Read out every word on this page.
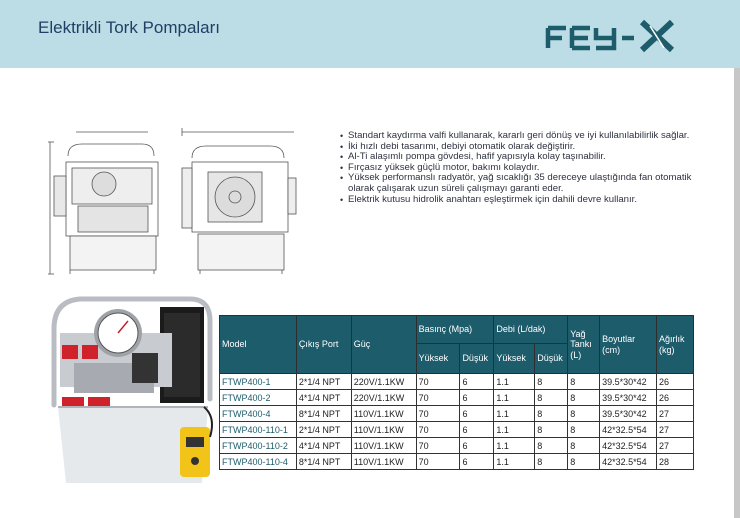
Elektrikli Tork Pompaları
• Standart kaydırma valfi kullanarak, kararlı geri dönüş ve iyi kullanılabilirlik sağlar.
• İki hızlı debi tasarımı, debiyi otomatik olarak değiştirir.
• Al-Ti alaşımlı pompa gövdesi, hafif yapısıyla kolay taşınabilir.
• Fırçasız yüksek güçlü motor, bakımı kolaydır.
• Yüksek performanslı radyatör, yağ sıcaklığı 35 dereceye ulaştığında fan otomatik olarak çalışarak uzun süreli çalışmayı garanti eder.
• Elektrik kutusu hidrolik anahtarı eşleştirmek için dahili devre kullanır.
Model	Çıkış Port	Güç	Basınç (Mpa)		Debi (L/dak)		Yağ Tankı (L)	Boyutlar (cm)	Ağırlık (kg)
			Yüksek	Düşük	Yüksek	Düşük			
FTWP400-1	2*1/4 NPT	220V/1.1KW	70	6	1.1	8	8	39.5*30*42	26
FTWP400-2	4*1/4 NPT	220V/1.1KW	70	6	1.1	8	8	39.5*30*42	26
FTWP400-4	8*1/4 NPT	110V/1.1KW	70	6	1.1	8	8	39.5*30*42	27
FTWP400-110-1	2*1/4 NPT	110V/1.1KW	70	6	1.1	8	8	42*32.5*54	27
FTWP400-110-2	4*1/4 NPT	110V/1.1KW	70	6	1.1	8	8	42*32.5*54	27
FTWP400-110-4	8*1/4 NPT	110V/1.1KW	70	6	1.1	8	8	42*32.5*54	28
